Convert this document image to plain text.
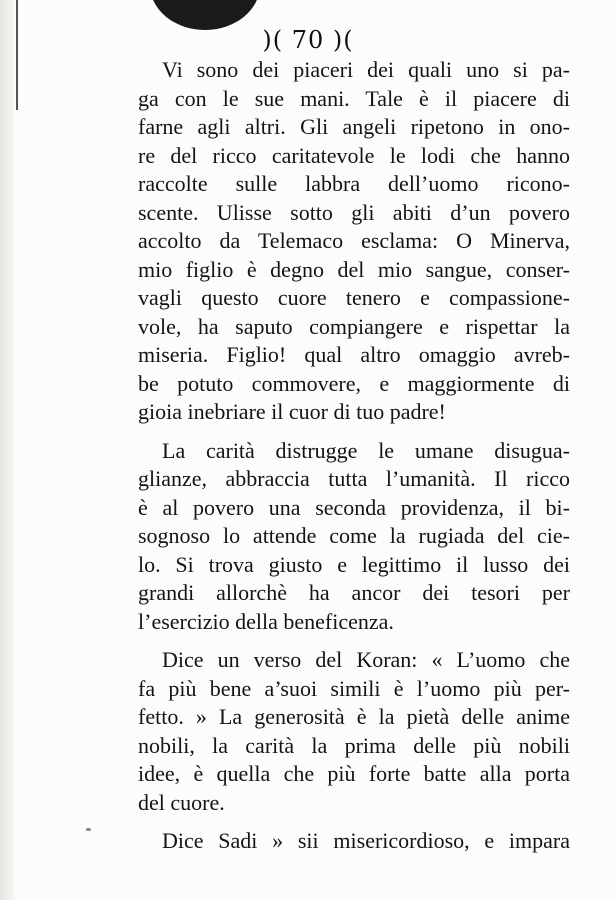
)( 70 )(

Vi sono dei piaceri dei quali uno si pa-
ga con le sue mani. Tale è il piacere di
farne agli altri. Gli angeli ripetono in ono-
re del ricco caritatevole le lodi che hanno
raccolte sulle labbra dell’uomo ricono-
scente. Ulisse sotto gli abiti d’un povero
accolto da Telemaco esclama: O Minerva,
mio figlio è degno del mio sangue, conser-
vagli questo cuore tenero e compassione-
vole, ha saputo compiangere e rispettar la
miseria. Figlio! qual altro omaggio avreb-
be potuto commovere, e maggiormente di
gioia inebriare il cuor di tuo padre!
La carità distrugge le umane disugua-
glianze, abbraccia tutta l’umanità. Il ricco
è al povero una seconda providenza, il bi-
sognoso lo attende come la rugiada del cie-
lo. Si trova giusto e legittimo il lusso dei
grandi allorchè ha ancor dei tesori per
l’esercizio della beneficenza.
Dice un verso del Koran: « L’uomo che
fa più bene a’suoi simili è l’uomo più per-
fetto. » La generosità è la pietà delle anime
nobili, la carità la prima delle più nobili
idee, è quella che più forte batte alla porta
del cuore.
Dice Sadi » sii misericordioso, e impara
